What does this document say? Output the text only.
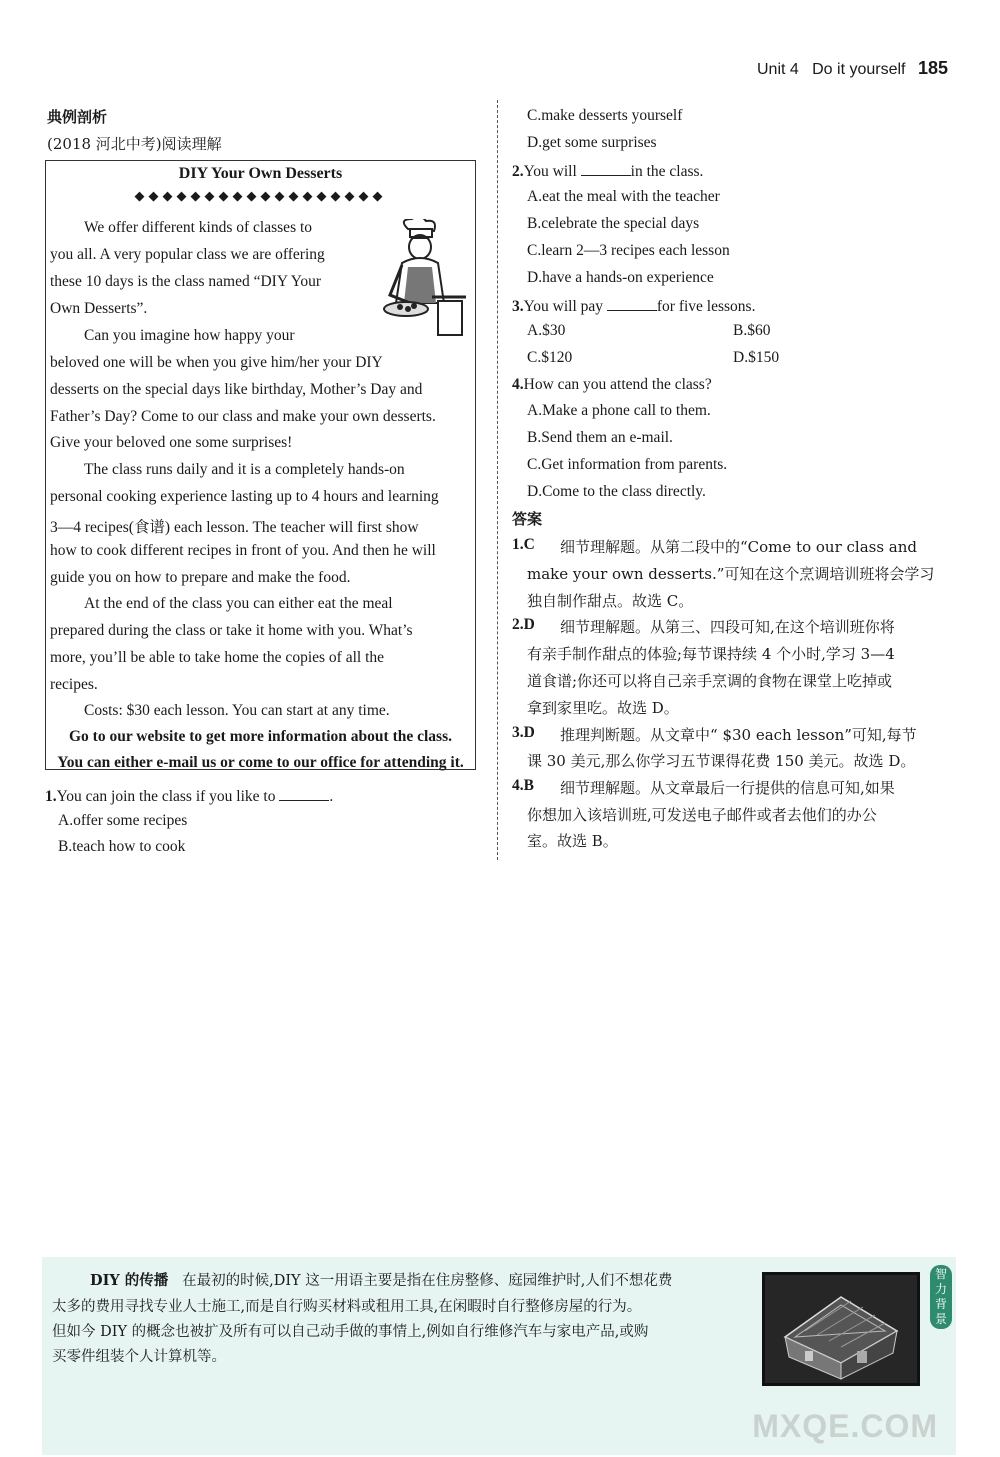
Unit 4 Do it yourself 185
典例剖析
(2018 河北中考)阅读理解
DIY Your Own Desserts
◆◆◆◆◆◆◆◆◆◆◆◆◆◆◆◆◆◆
We offer different kinds of classes to
you all. A very popular class we are offering
these 10 days is the class named “DIY Your
Own Desserts”.
Can you imagine how happy your
beloved one will be when you give him/her your DIY
desserts on the special days like birthday, Mother’s Day and
Father’s Day? Come to our class and make your own desserts.
Give your beloved one some surprises!
The class runs daily and it is a completely hands-on
personal cooking experience lasting up to 4 hours and learning
3—4 recipes(食谱) each lesson. The teacher will first show
how to cook different recipes in front of you. And then he will
guide you on how to prepare and make the food.
At the end of the class you can either eat the meal
prepared during the class or take it home with you. What’s
more, you’ll be able to take home the copies of all the
recipes.
Costs: $30 each lesson. You can start at any time.
Go to our website to get more information about the class.
You can either e-mail us or come to our office for attending it.
1.You can join the class if you like to	.
A.offer some recipes
B.teach how to cook
C.make desserts yourself
D.get some surprises
2.You will	in the class.
A.eat the meal with the teacher
B.celebrate the special days
C.learn 2—3 recipes each lesson
D.have a hands-on experience
3.You will pay	for five lessons.
A.$30	B.$60
C.$120	D.$150
4.How can you attend the class?
A.Make a phone call to them.
B.Send them an e-mail.
C.Get information from parents.
D.Come to the class directly.
答案
1.C 细节理解题。从第二段中的“Come to our class and
make your own desserts.”可知在这个烹调培训班将会学习
独自制作甜点。故选 C。
2.D 细节理解题。从第三、四段可知,在这个培训班你将
有亲手制作甜点的体验;每节课持续 4 个小时,学习 3—4
道食谱;你还可以将自己亲手烹调的食物在课堂上吃掉或
拿到家里吃。故选 D。
3.D 推理判断题。从文章中“ $30 each lesson”可知,每节
课 30 美元,那么你学习五节课得花费 150 美元。故选 D。
4.B 细节理解题。从文章最后一行提供的信息可知,如果
你想加入该培训班,可发送电子邮件或者去他们的办公
室。故选 B。
DIY 的传播 在最初的时候,DIY 这一用语主要是指在住房整修、庭园维护时,人们不想花费
太多的费用寻找专业人士施工,而是自行购买材料或租用工具,在闲暇时自行整修房屋的行为。
但如今 DIY 的概念也被扩及所有可以自己动手做的事情上,例如自行维修汽车与家电产品,或购
买零件组装个人计算机等。
智力背景
MXQE.COM
